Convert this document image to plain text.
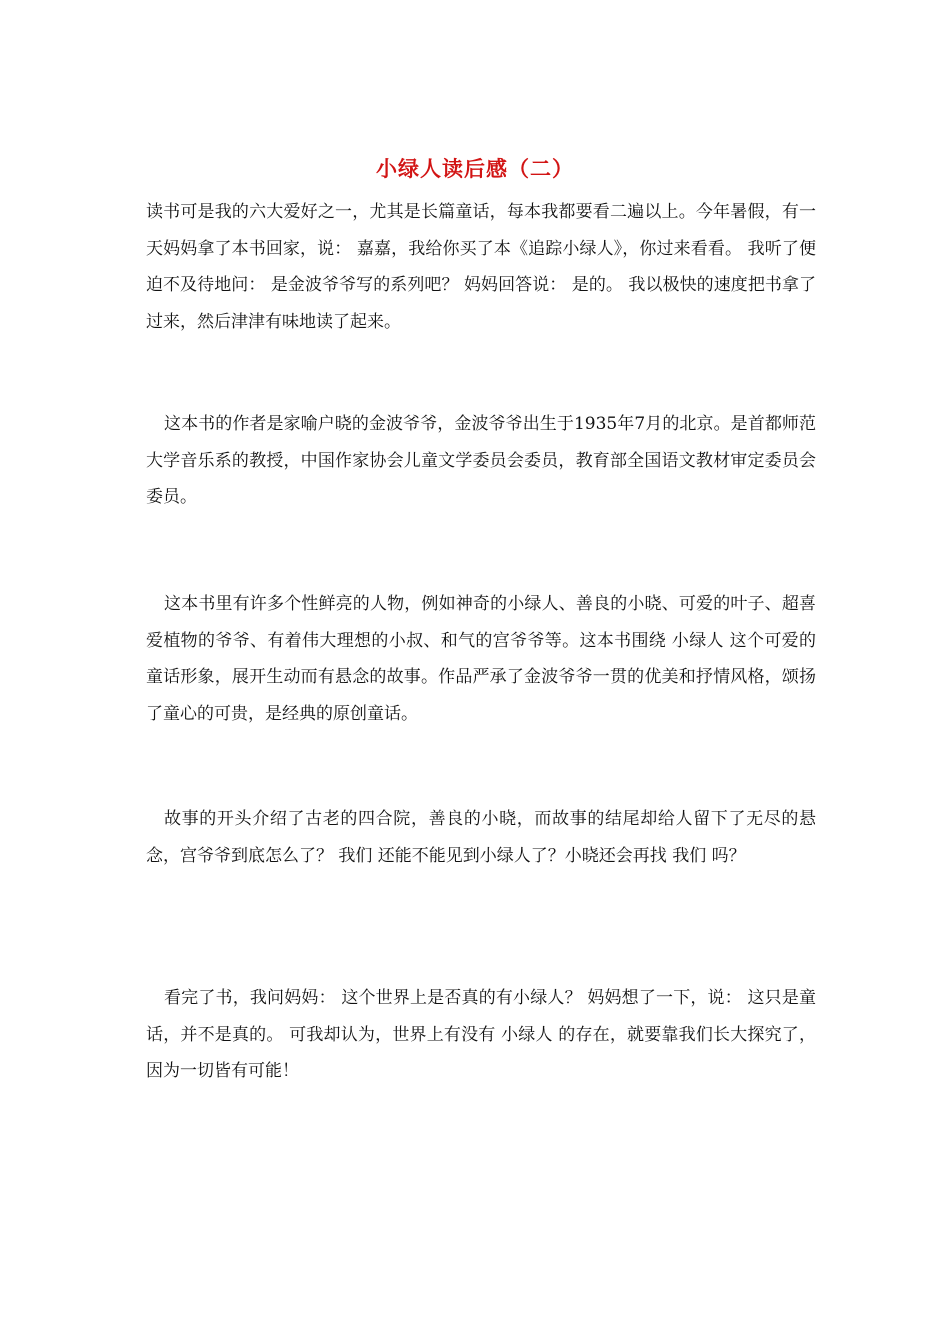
小绿人读后感（二）

读书可是我的六大爱好之一，尤其是长篇童话，每本我都要看二遍以上。今年暑假，有一天妈妈拿了本书回家，说： 嘉嘉，我给你买了本《追踪小绿人》，你过来看看。 我听了便迫不及待地问： 是金波爷爷写的系列吧？ 妈妈回答说： 是的。 我以极快的速度把书拿了过来，然后津津有味地读了起来。

这本书的作者是家喻户晓的金波爷爷，金波爷爷出生于1935年7月的北京。是首都师范大学音乐系的教授，中国作家协会儿童文学委员会委员，教育部全国语文教材审定委员会委员。

这本书里有许多个性鲜亮的人物，例如神奇的小绿人、善良的小晓、可爱的叶子、超喜爱植物的爷爷、有着伟大理想的小叔、和气的宫爷爷等。这本书围绕 小绿人 这个可爱的童话形象，展开生动而有悬念的故事。作品严承了金波爷爷一贯的优美和抒情风格，颂扬了童心的可贵，是经典的原创童话。

故事的开头介绍了古老的四合院，善良的小晓，而故事的结尾却给人留下了无尽的悬念，宫爷爷到底怎么了？ 我们 还能不能见到小绿人了？小晓还会再找 我们 吗？

看完了书，我问妈妈： 这个世界上是否真的有小绿人？ 妈妈想了一下，说： 这只是童话，并不是真的。 可我却认为，世界上有没有 小绿人 的存在，就要靠我们长大探究了，因为一切皆有可能！
